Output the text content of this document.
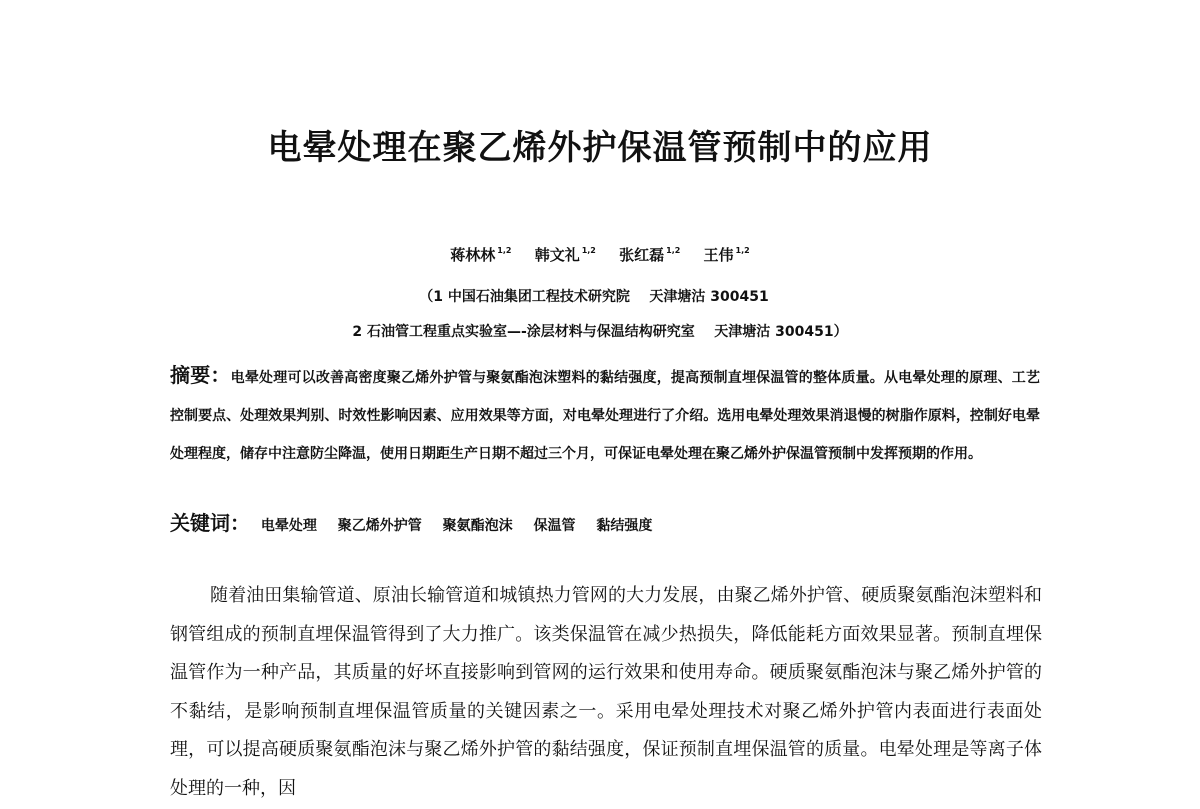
电晕处理在聚乙烯外护保温管预制中的应用
蒋林林 $^{1,2}$ 韩文礼 $^{1,2}$ 张红磊 $^{1,2}$ 王伟 $^{1,2}$
（1 中国石油集团工程技术研究院    天津塘沽 300451
2 石油管工程重点实验室—-涂层材料与保温结构研究室    天津塘沽 300451）
摘要：电晕处理可以改善高密度聚乙烯外护管与聚氨酯泡沫塑料的黏结强度，提高预制直埋保温管的整体质量。从电晕处理的原理、工艺控制要点、处理效果判别、时效性影响因素、应用效果等方面，对电晕处理进行了介绍。选用电晕处理效果消退慢的树脂作原料，控制好电晕处理程度，储存中注意防尘降温，使用日期距生产日期不超过三个月，可保证电晕处理在聚乙烯外护保温管预制中发挥预期的作用。
关键词： 电晕处理 聚乙烯外护管 聚氨酯泡沫 保温管 黏结强度
随着油田集输管道、原油长输管道和城镇热力管网的大力发展，由聚乙烯外护管、硬质聚氨酯泡沫塑料和钢管组成的预制直埋保温管得到了大力推广。该类保温管在减少热损失，降低能耗方面效果显著。预制直埋保温管作为一种产品，其质量的好坏直接影响到管网的运行效果和使用寿命。硬质聚氨酯泡沫与聚乙烯外护管的不黏结，是影响预制直埋保温管质量的关键因素之一。采用电晕处理技术对聚乙烯外护管内表面进行表面处理，可以提高硬质聚氨酯泡沫与聚乙烯外护管的黏结强度，保证预制直埋保温管的质量。电晕处理是等离子体处理的一种，因
